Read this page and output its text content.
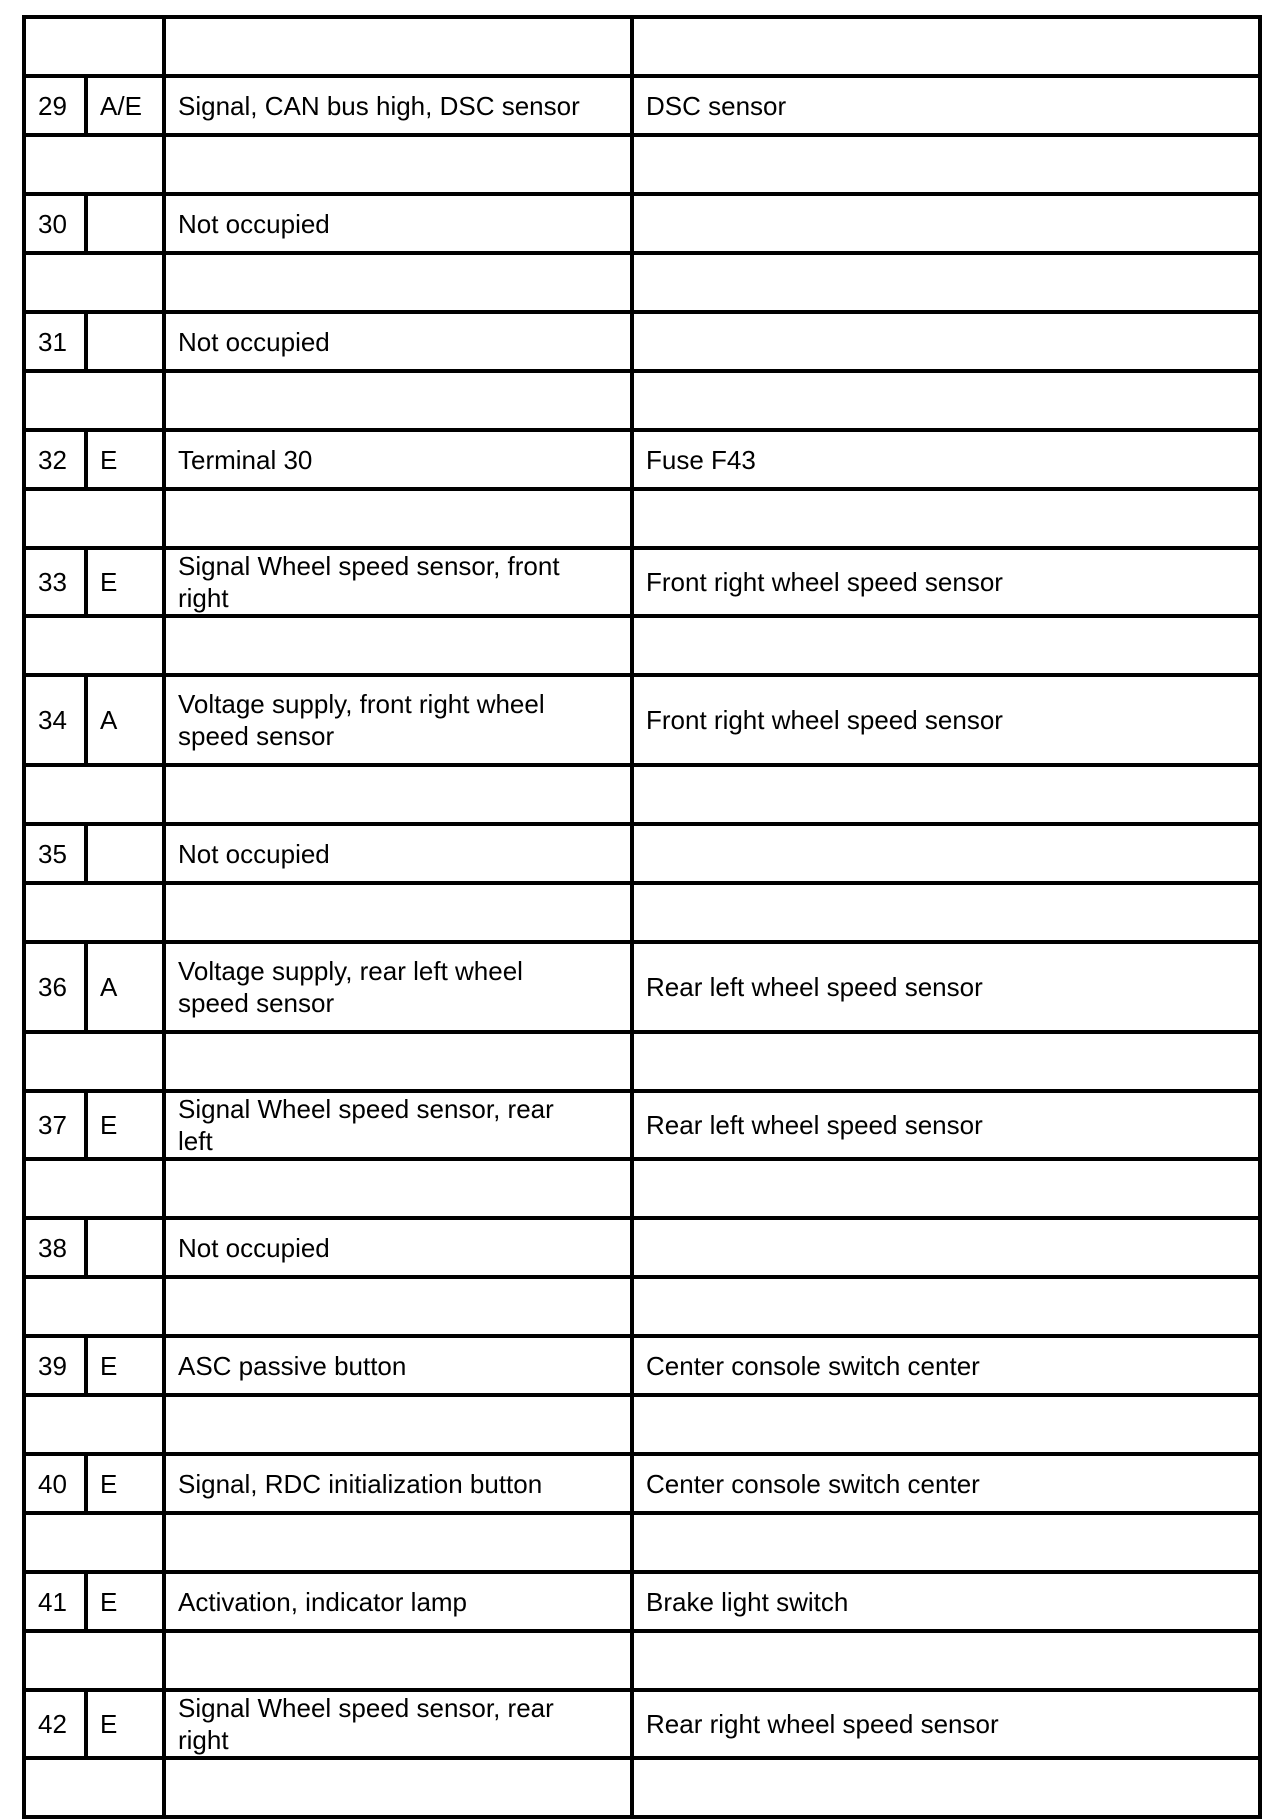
29	A/E	Signal, CAN bus high, DSC sensor	DSC sensor

30		Not occupied	

31		Not occupied	

32	E	Terminal 30	Fuse F43

33	E	Signal Wheel speed sensor, front right	Front right wheel speed sensor

34	A	Voltage supply, front right wheel speed sensor	Front right wheel speed sensor

35		Not occupied	

36	A	Voltage supply, rear left wheel speed sensor	Rear left wheel speed sensor

37	E	Signal Wheel speed sensor, rear left	Rear left wheel speed sensor

38		Not occupied	

39	E	ASC passive button	Center console switch center

40	E	Signal, RDC initialization button	Center console switch center

41	E	Activation, indicator lamp	Brake light switch

42	E	Signal Wheel speed sensor, rear right	Rear right wheel speed sensor
